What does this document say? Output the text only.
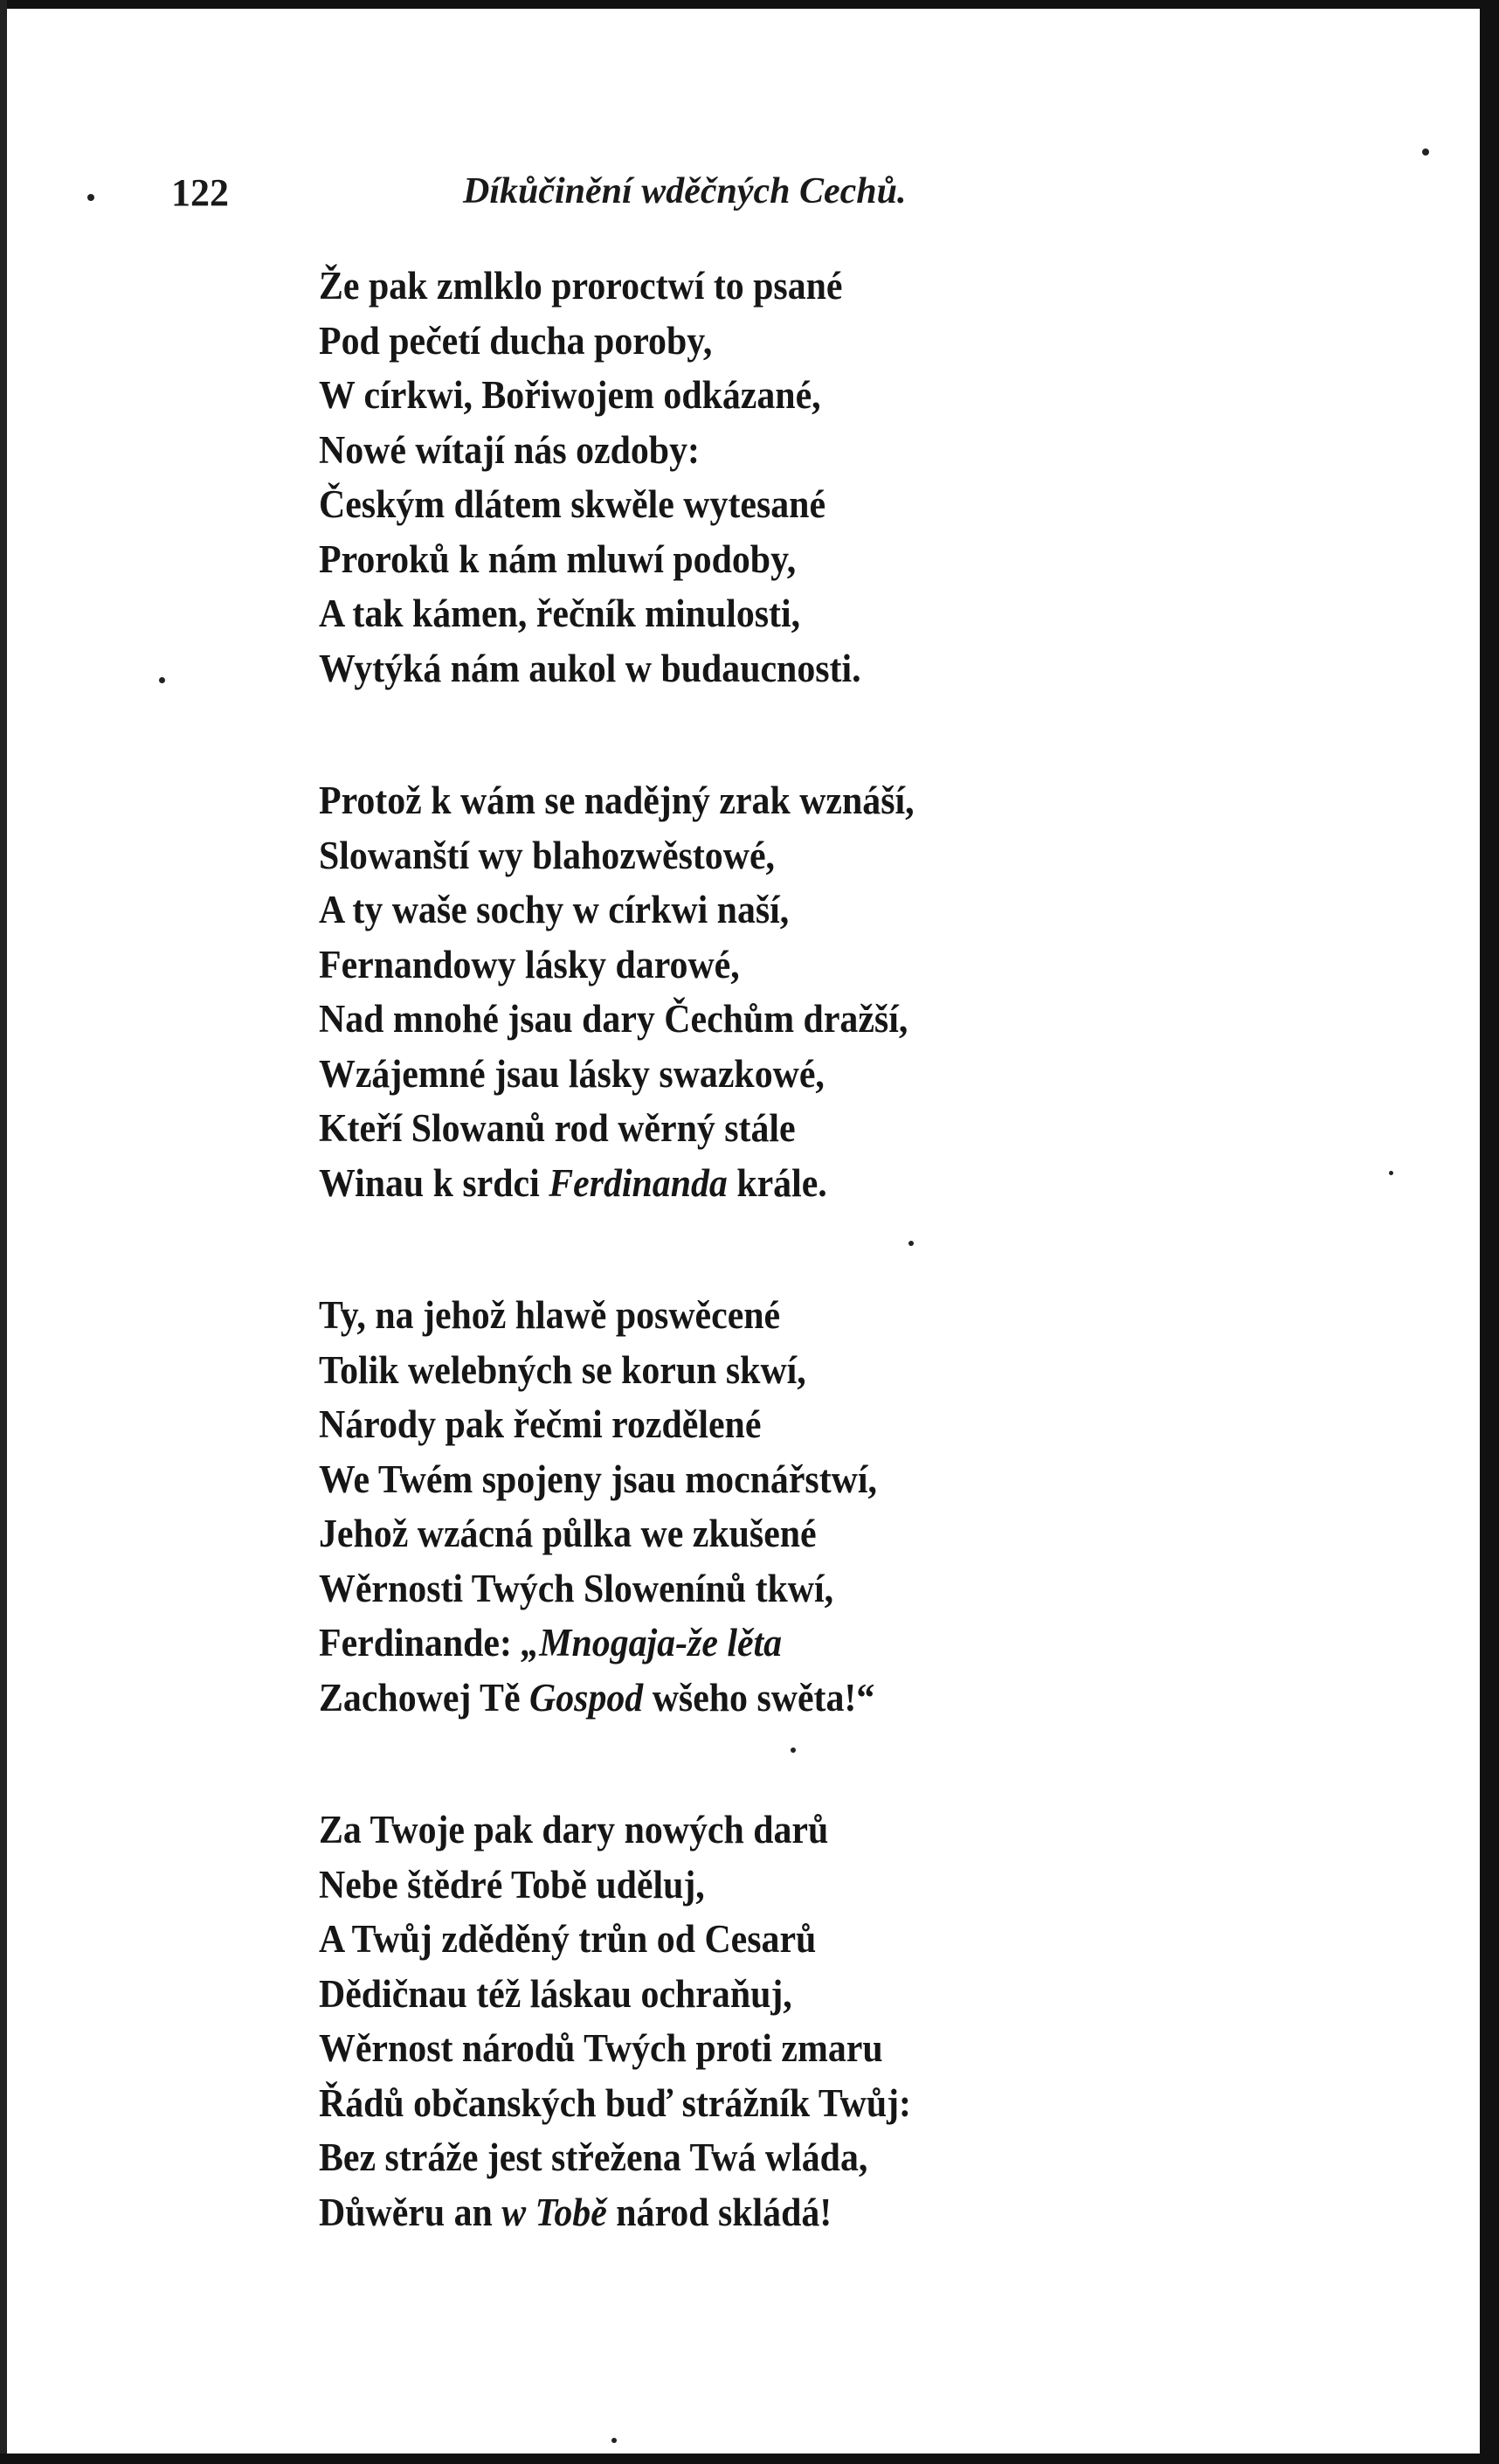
122	Díkůčinění wděčných Cechů.
Že pak zmlklo proroctwí to psané
Pod pečetí ducha poroby,
W církwi, Bořiwojem odkázané,
Nowé wítají nás ozdoby:
Českým dlátem skwěle wytesané
Proroků k nám mluwí podoby,
A tak kámen, řečník minulosti,
Wytýká nám aukol w budaucnosti.
Protož k wám se nadějný zrak wznáší,
Slowanští wy blahozwěstowé,
A ty waše sochy w církwi naší,
Fernandowy lásky darowé,
Nad mnohé jsau dary Čechům dražší,
Wzájemné jsau lásky swazkowé,
Kteří Slowanů rod wěrný stále
Winau k srdci Ferdinanda krále.
Ty, na jehož hlawě poswěcené
Tolik welebných se korun skwí,
Národy pak řečmi rozdělené
We Twém spojeny jsau mocnářstwí,
Jehož wzácná půlka we zkušené
Wěrnosti Twých Slowenínů tkwí,
Ferdinande: „Mnogaja-že lěta
Zachowej Tě Gospod wšeho swěta!“
Za Twoje pak dary nowých darů
Nebe štědré Tobě uděluj,
A Twůj zděděný trůn od Cesarů
Dědičnau též láskau ochraňuj,
Wěrnost národů Twých proti zmaru
Řádů občanských buď strážník Twůj:
Bez stráže jest střežena Twá wláda,
Důwěru an w Tobě národ skládá!
